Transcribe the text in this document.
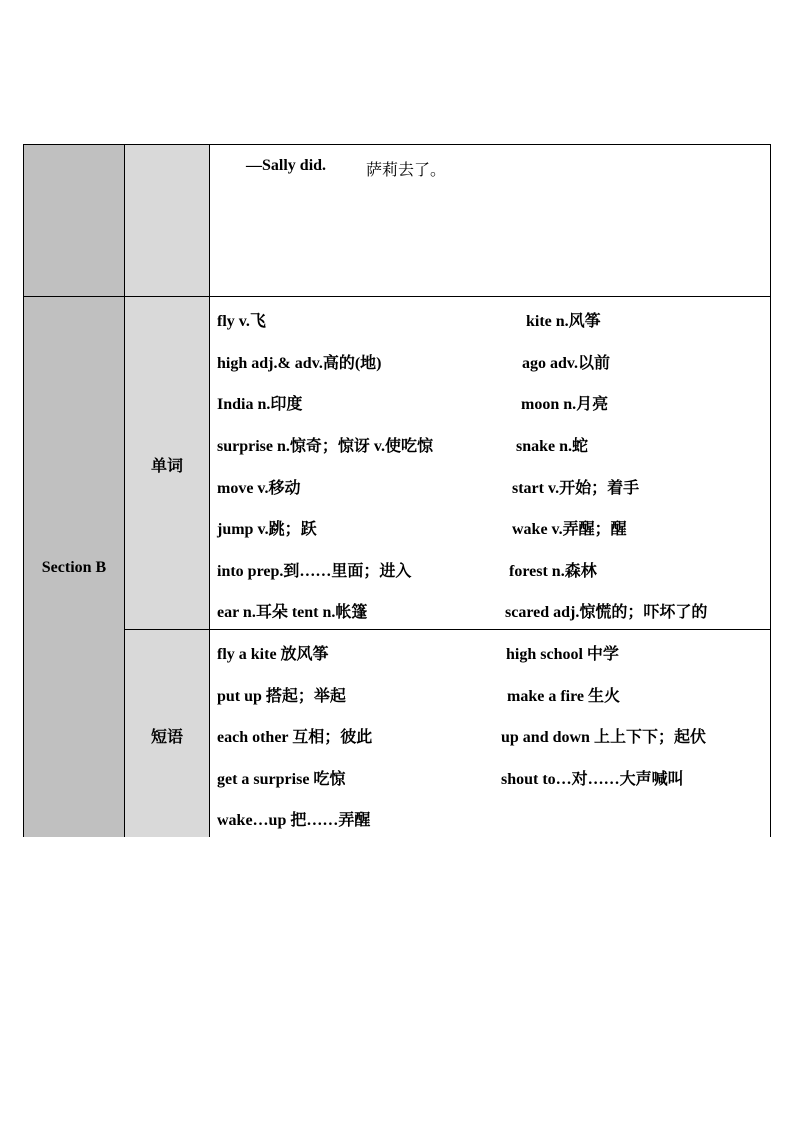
—Sally did. 萨莉去了。
Section B
单词
fly v.飞
high adj.& adv.高的(地)
India n.印度
surprise n.惊奇；惊讶 v.使吃惊
move v.移动
jump v.跳；跃
into prep.到……里面；进入
ear n.耳朵 tent n.帐篷
kite n.风筝
ago adv.以前
moon n.月亮
snake n.蛇
start v.开始；着手
wake v.弄醒；醒
forest n.森林
scared adj.惊慌的；吓坏了的
短语
fly a kite 放风筝
put up 搭起；举起
each other 互相；彼此
get a surprise 吃惊
wake…up 把……弄醒
high school 中学
make a fire 生火
up and down 上上下下；起伏
shout to…对……大声喊叫
